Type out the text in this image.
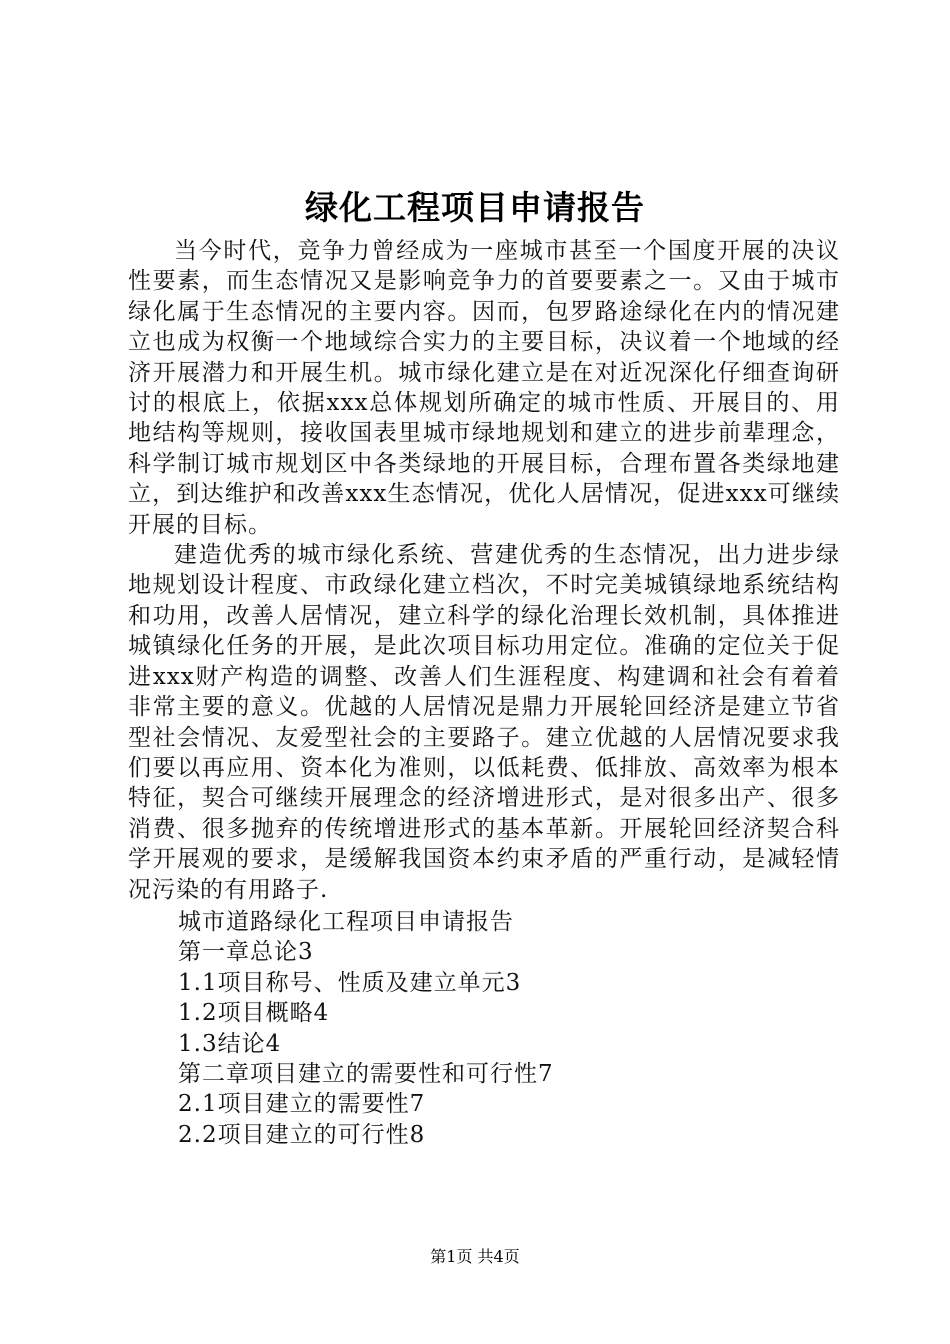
绿化工程项目申请报告

当今时代，竞争力曾经成为一座城市甚至一个国度开展的决议性要素，而生态情况又是影响竞争力的首要要素之一。又由于城市绿化属于生态情况的主要内容。因而，包罗路途绿化在内的情况建立也成为权衡一个地域综合实力的主要目标，决议着一个地域的经济开展潜力和开展生机。城市绿化建立是在对近况深化仔细查询研讨的根底上，依据xxx总体规划所确定的城市性质、开展目的、用地结构等规则，接收国表里城市绿地规划和建立的进步前辈理念，科学制订城市规划区中各类绿地的开展目标，合理布置各类绿地建立，到达维护和改善xxx生态情况，优化人居情况，促进xxx可继续开展的目标。

建造优秀的城市绿化系统、营建优秀的生态情况，出力进步绿地规划设计程度、市政绿化建立档次，不时完美城镇绿地系统结构和功用，改善人居情况，建立科学的绿化治理长效机制，具体推进城镇绿化任务的开展，是此次项目标功用定位。准确的定位关于促进xxx财产构造的调整、改善人们生涯程度、构建调和社会有着着非常主要的意义。优越的人居情况是鼎力开展轮回经济是建立节省型社会情况、友爱型社会的主要路子。建立优越的人居情况要求我们要以再应用、资本化为准则，以低耗费、低排放、高效率为根本特征，契合可继续开展理念的经济增进形式，是对很多出产、很多消费、很多抛弃的传统增进形式的基本革新。开展轮回经济契合科学开展观的要求，是缓解我国资本约束矛盾的严重行动，是减轻情况污染的有用路子.

城市道路绿化工程项目申请报告

第一章总论3

1.1项目称号、性质及建立单元3

1.2项目概略4

1.3结论4

第二章项目建立的需要性和可行性7

2.1项目建立的需要性7

2.2项目建立的可行性8

第1页 共4页
